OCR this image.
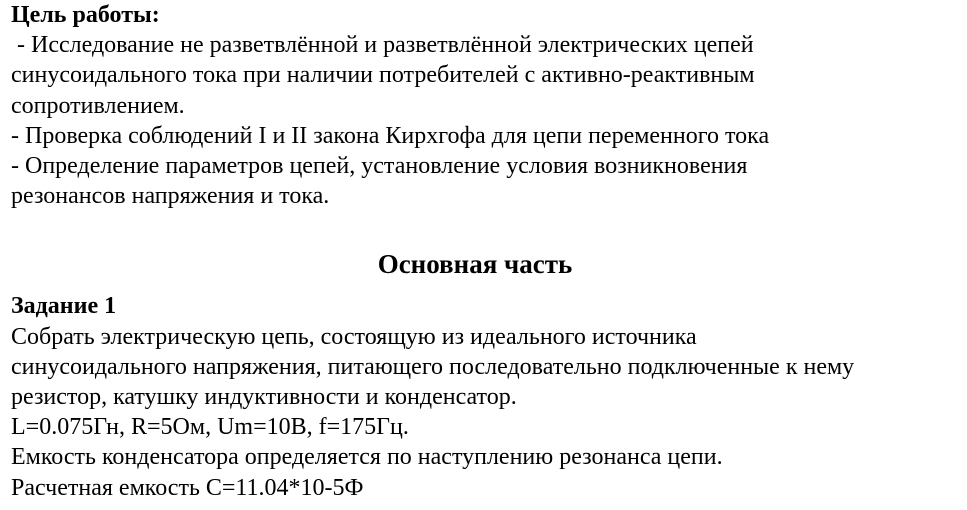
Цель работы:

- Исследование не разветвлённой и разветвлённой электрических цепей

синусоидального тока при наличии потребителей с активно-реактивным

сопротивлением.

- Проверка соблюдений I и II закона Кирхгофа для цепи переменного тока

- Определение параметров цепей, установление условия возникновения

резонансов напряжения и тока.

Основная часть

Задание 1

Собрать электрическую цепь, состоящую из идеального источника

синусоидального напряжения, питающего последовательно подключенные к нему

резистор, катушку индуктивности и конденсатор.

L=0.075Гн, R=5Ом, Um=10В, f=175Гц.

Емкость конденсатора определяется по наступлению резонанса цепи.

Расчетная емкость С=11.04*10-5Ф
